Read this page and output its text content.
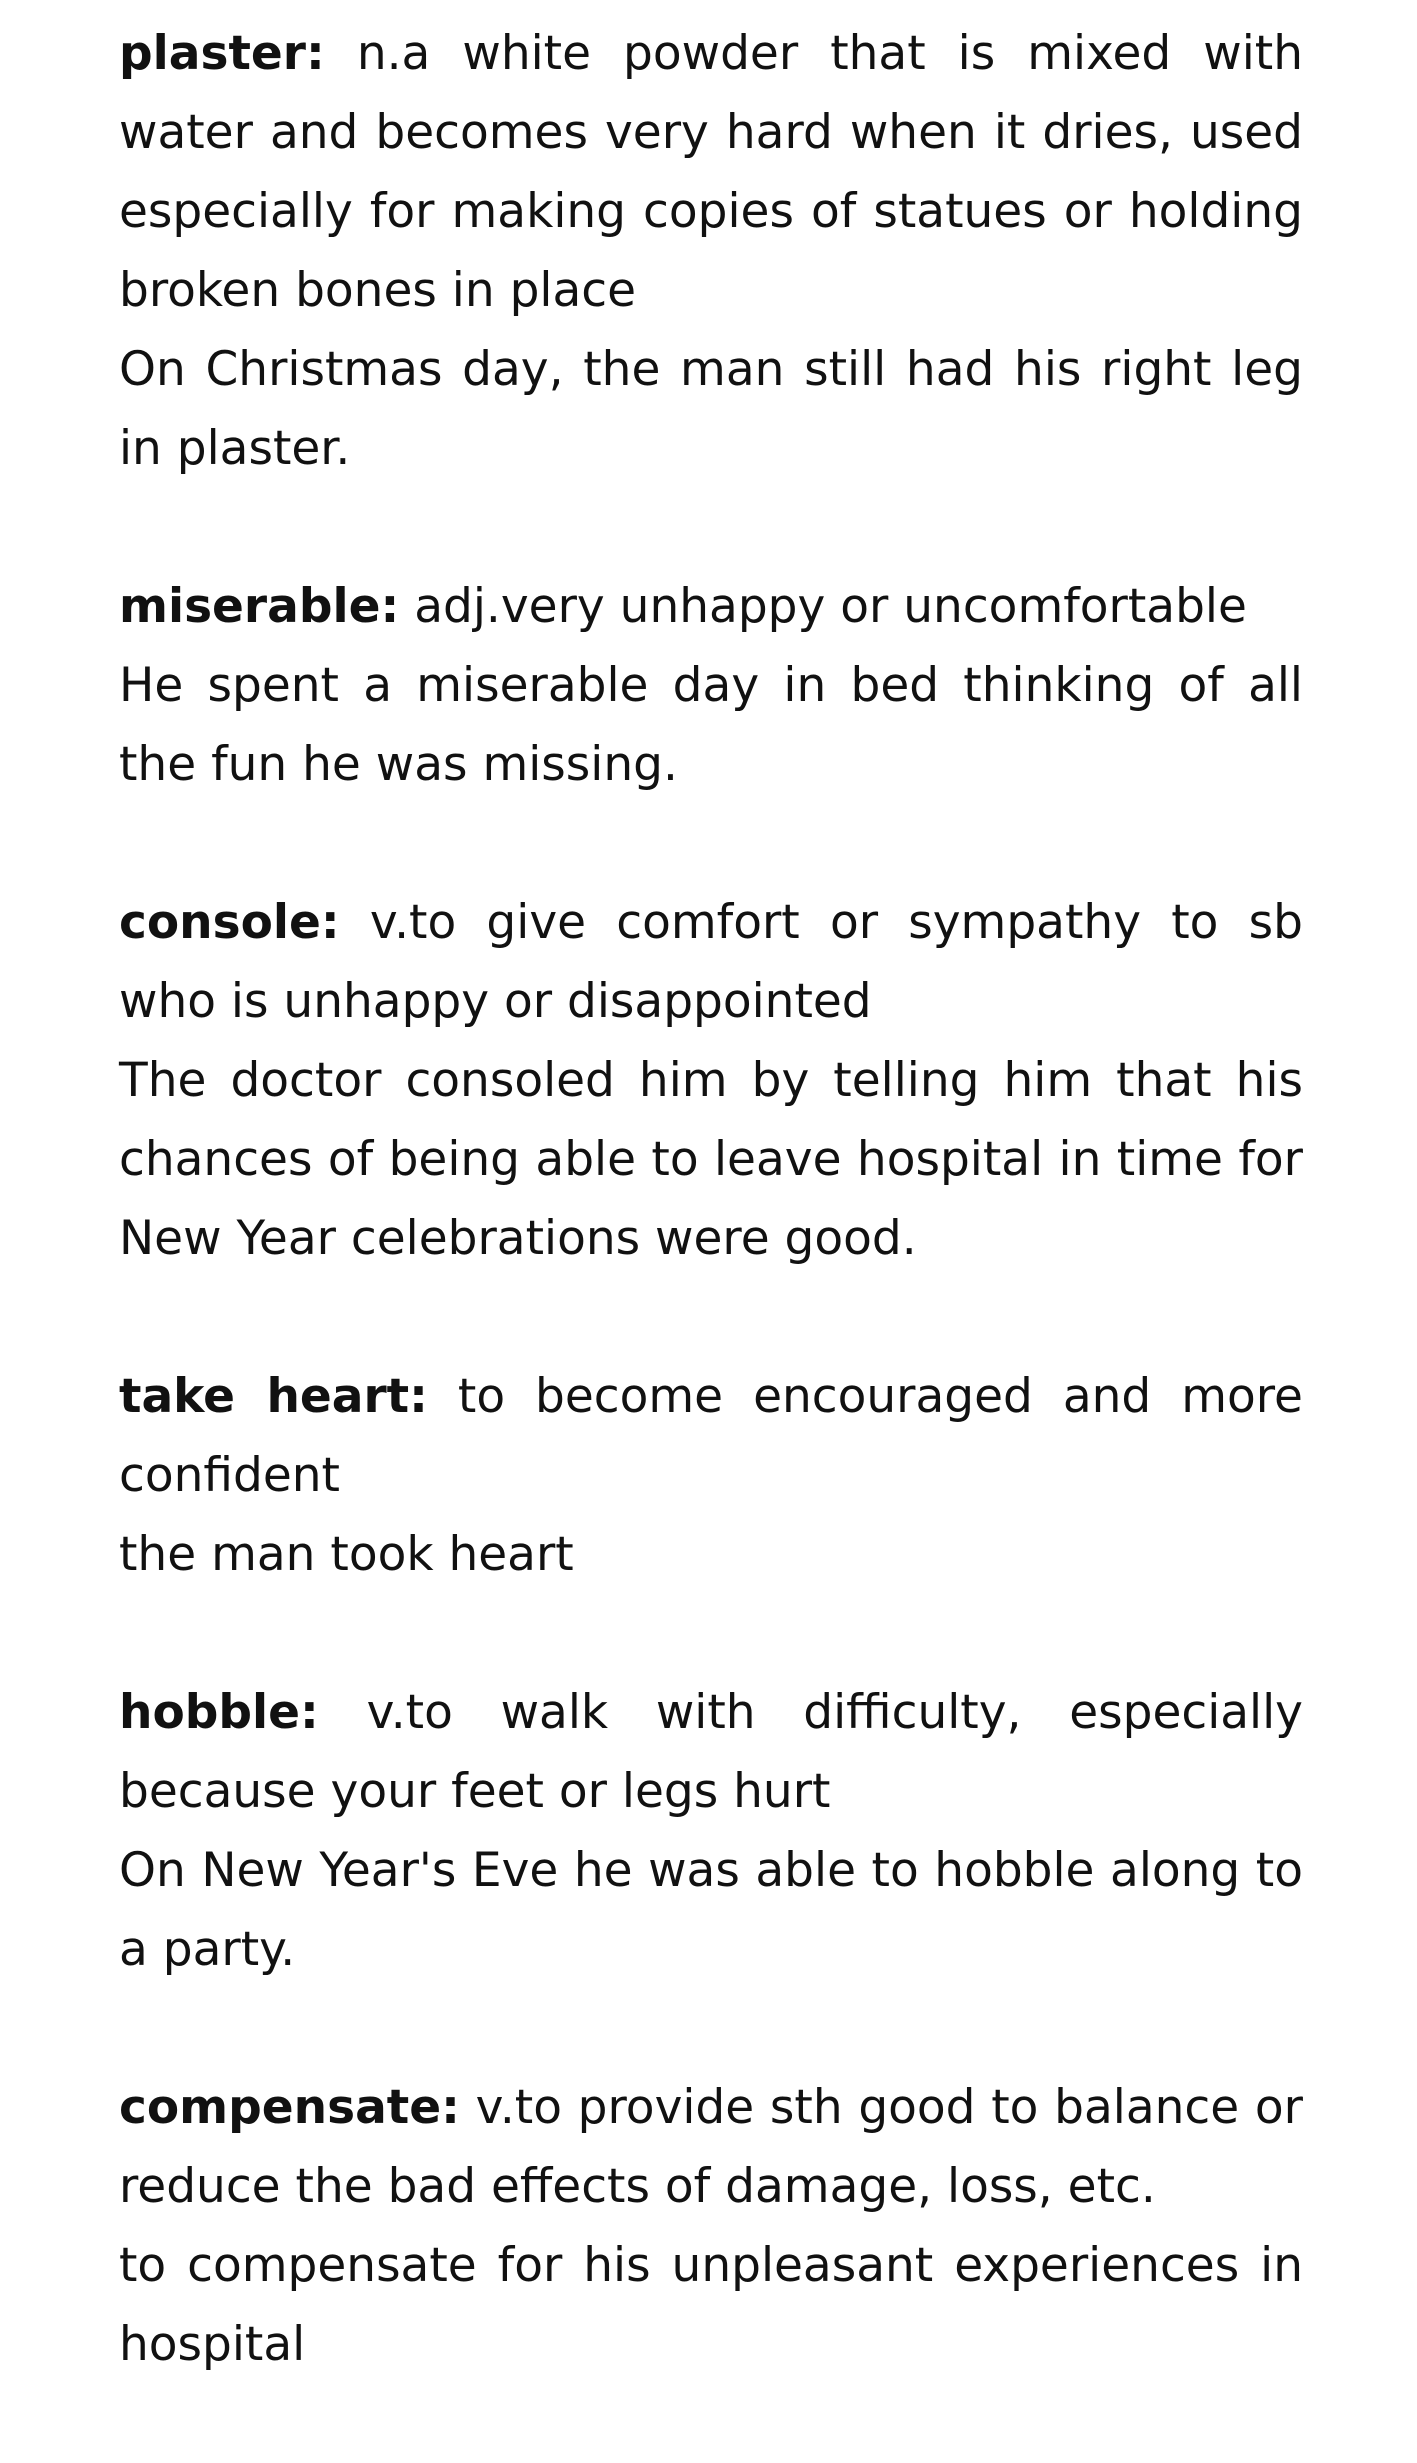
plaster: n.a white powder that is mixed with water and becomes very hard when it dries, used especially for making copies of statues or holding broken bones in place

On Christmas day, the man still had his right leg in plaster.

miserable: adj.very unhappy or uncomfortable

He spent a miserable day in bed thinking of all the fun he was missing.

console: v.to give comfort or sympathy to sb who is unhappy or disappointed

The doctor consoled him by telling him that his chances of being able to leave hospital in time for New Year celebrations were good.

take heart: to become encouraged and more confident

the man took heart

hobble: v.to walk with difficulty, especially because your feet or legs hurt

On New Year's Eve he was able to hobble along to a party.

compensate: v.to provide sth good to balance or reduce the bad effects of damage, loss, etc.

to compensate for his unpleasant experiences in hospital
